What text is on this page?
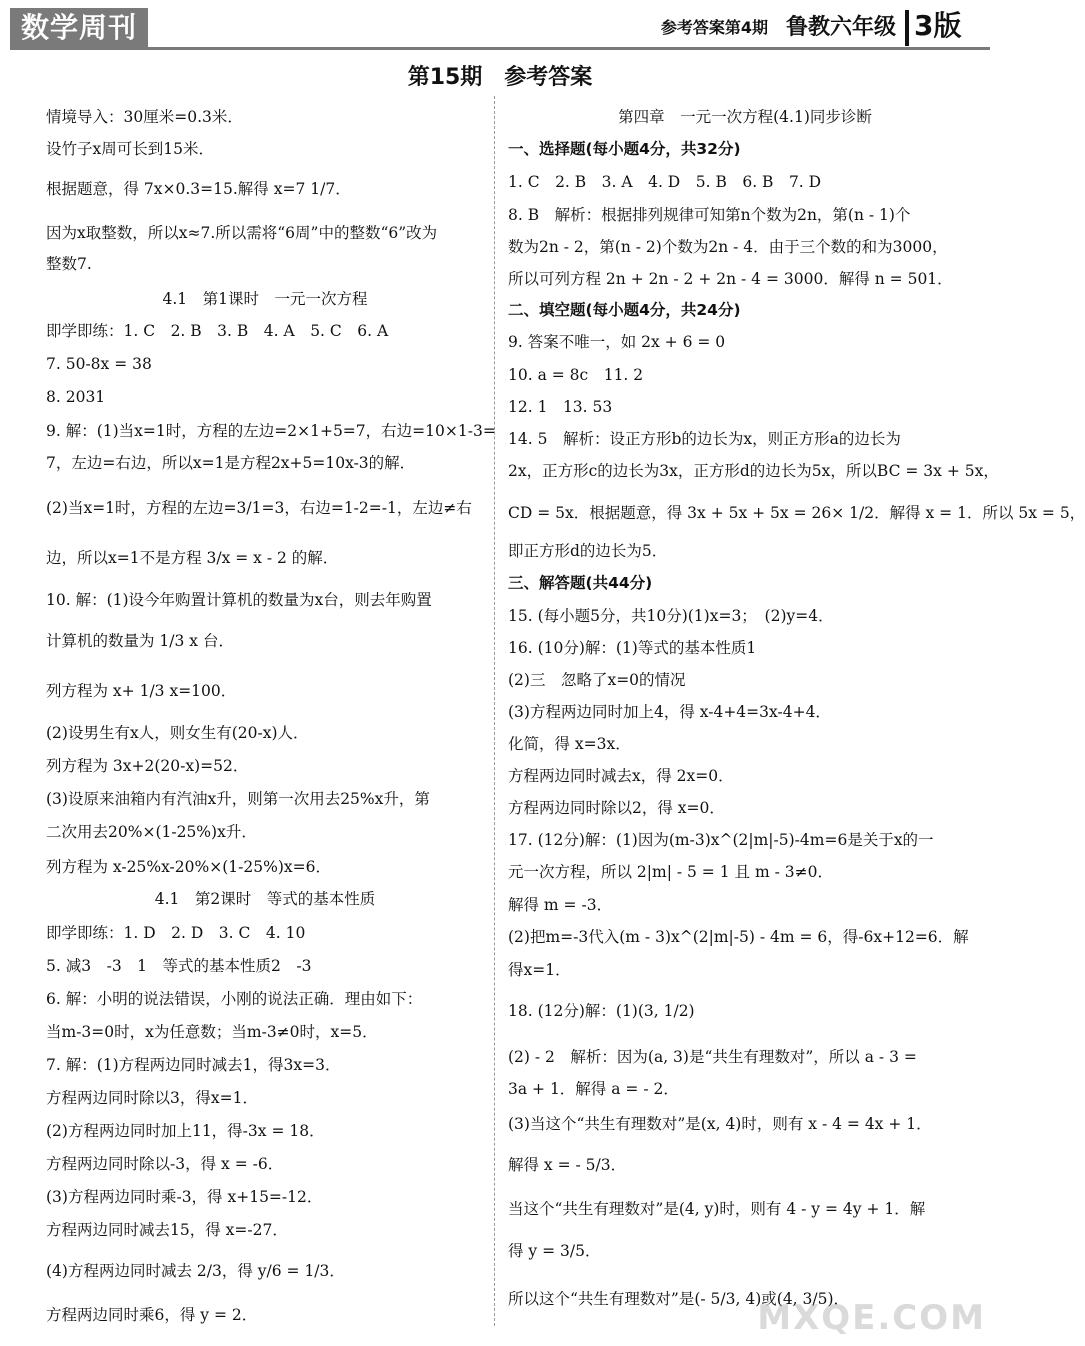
数学周刊	参考答案第4期 鲁教六年级 3版
第15期　参考答案
情境导入：30厘米=0.3米．
设竹子x周可长到15米．
根据题意，得 7x×0.3=15.解得 x=7 1/7．
因为x取整数，所以x≈7.所以需将“6周”中的整数“6”改为
整数7.
4.1　第1课时　一元一次方程
即学即练：1. C　2. B　3. B　4. A　5. C　6. A
7. 50-8x = 38
8. 2031
9. 解：(1)当x=1时，方程的左边=2×1+5=7，右边=10×1-3=
7，左边=右边，所以x=1是方程2x+5=10x-3的解．
(2)当x=1时，方程的左边=3/1=3，右边=1-2=-1，左边≠右
边，所以x=1不是方程 3/x = x - 2 的解．
10. 解：(1)设今年购置计算机的数量为x台，则去年购置
计算机的数量为 1/3 x 台．
列方程为 x+ 1/3 x=100．
(2)设男生有x人，则女生有(20-x)人．
列方程为 3x+2(20-x)=52．
(3)设原来油箱内有汽油x升，则第一次用去25%x升，第
二次用去20%×(1-25%)x升．
列方程为 x-25%x-20%×(1-25%)x=6．
4.1　第2课时　等式的基本性质
即学即练：1. D　2. D　3. C　4. 10
5. 减3　-3　1　等式的基本性质2　-3
6. 解：小明的说法错误，小刚的说法正确．理由如下：
当m-3=0时，x为任意数；当m-3≠0时，x=5．
7. 解：(1)方程两边同时减去1，得3x=3．
方程两边同时除以3，得x=1．
(2)方程两边同时加上11，得-3x = 18．
方程两边同时除以-3，得 x = -6．
(3)方程两边同时乘-3，得 x+15=-12．
方程两边同时减去15，得 x=-27．
(4)方程两边同时减去 2/3，得 y/6 = 1/3．
方程两边同时乘6，得 y = 2．
第四章　一元一次方程(4.1)同步诊断
一、选择题(每小题4分，共32分)
1. C　2. B　3. A　4. D　5. B　6. B　7. D
8. B　解析：根据排列规律可知第n个数为2n，第(n - 1)个
数为2n - 2，第(n - 2)个数为2n - 4．由于三个数的和为3000，
所以可列方程 2n + 2n - 2 + 2n - 4 = 3000．解得 n = 501．
二、填空题(每小题4分，共24分)
9. 答案不唯一，如 2x + 6 = 0
10. a = 8c　11. 2
12. 1　13. 53
14. 5　解析：设正方形b的边长为x，则正方形a的边长为
2x，正方形c的边长为3x，正方形d的边长为5x，所以BC = 3x + 5x，
CD = 5x．根据题意，得 3x + 5x + 5x = 26× 1/2．解得 x = 1．所以 5x = 5，
即正方形d的边长为5．
三、解答题(共44分)
15. (每小题5分，共10分)(1)x=3；　(2)y=4．
16. (10分)解：(1)等式的基本性质1
(2)三　忽略了x=0的情况
(3)方程两边同时加上4，得 x-4+4=3x-4+4．
化简，得 x=3x．
方程两边同时减去x，得 2x=0．
方程两边同时除以2，得 x=0．
17. (12分)解：(1)因为(m-3)x^(2|m|-5)-4m=6是关于x的一
元一次方程，所以 2|m| - 5 = 1 且 m - 3≠0．
解得 m = -3．
(2)把m=-3代入(m - 3)x^(2|m|-5) - 4m = 6，得-6x+12=6．解
得x=1．
18. (12分)解：(1)(3, 1/2)
(2) - 2　解析：因为(a, 3)是“共生有理数对”，所以 a - 3 =
3a + 1．解得 a = - 2．
(3)当这个“共生有理数对”是(x, 4)时，则有 x - 4 = 4x + 1．
解得 x = - 5/3．
当这个“共生有理数对”是(4, y)时，则有 4 - y = 4y + 1．解
得 y = 3/5．
所以这个“共生有理数对”是(- 5/3, 4)或(4, 3/5)．
MXQE.COM
